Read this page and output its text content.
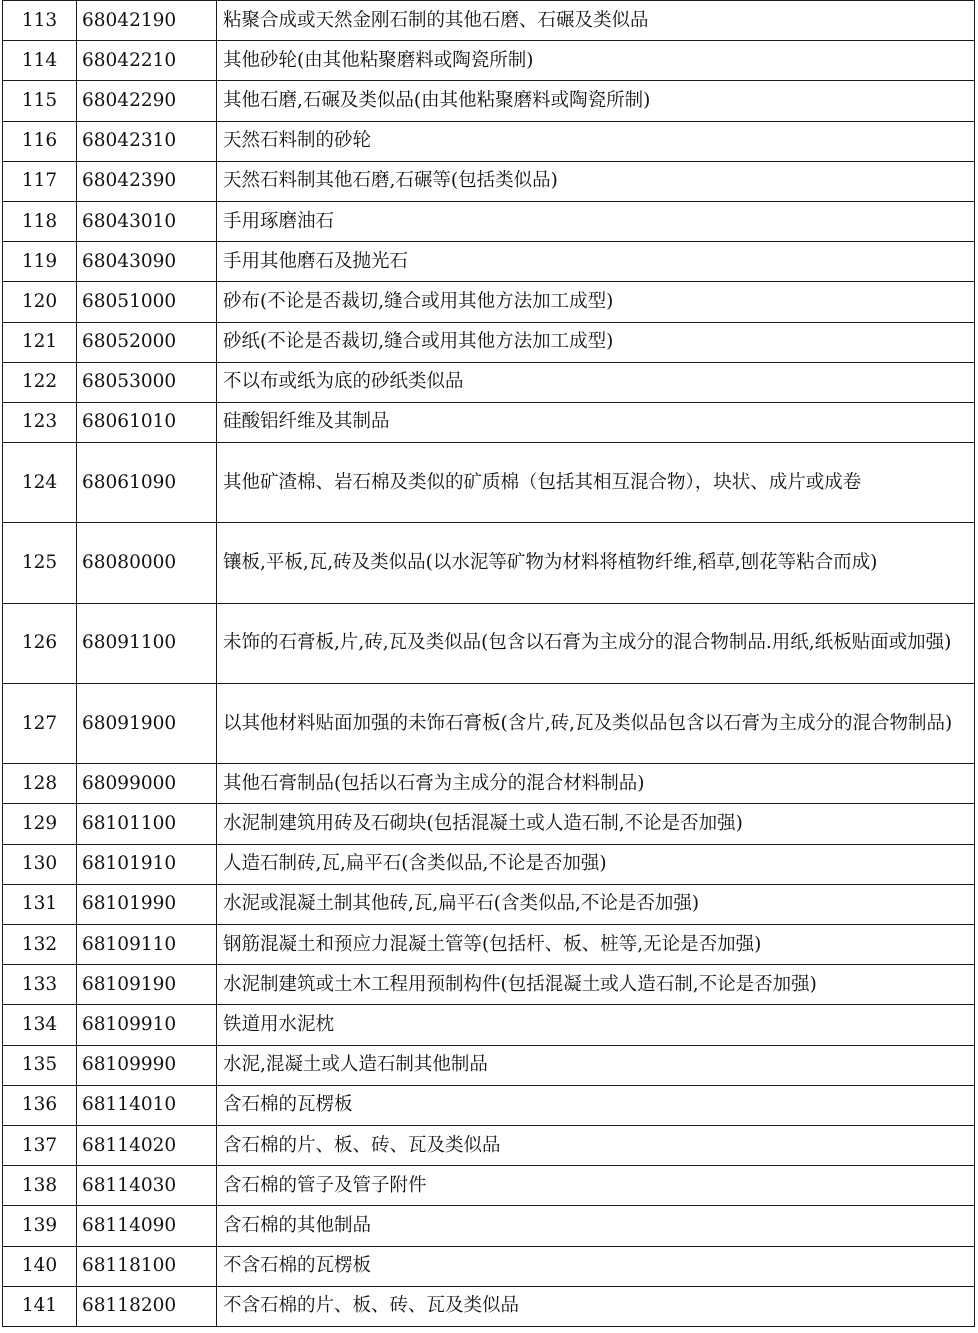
113	68042190	粘聚合成或天然金刚石制的其他石磨、石碾及类似品
114	68042210	其他砂轮(由其他粘聚磨料或陶瓷所制)
115	68042290	其他石磨,石碾及类似品(由其他粘聚磨料或陶瓷所制)
116	68042310	天然石料制的砂轮
117	68042390	天然石料制其他石磨,石碾等(包括类似品)
118	68043010	手用琢磨油石
119	68043090	手用其他磨石及抛光石
120	68051000	砂布(不论是否裁切,缝合或用其他方法加工成型)
121	68052000	砂纸(不论是否裁切,缝合或用其他方法加工成型)
122	68053000	不以布或纸为底的砂纸类似品
123	68061010	硅酸铝纤维及其制品
124	68061090	其他矿渣棉、岩石棉及类似的矿质棉（包括其相互混合物），块状、成片或成卷
125	68080000	镶板,平板,瓦,砖及类似品(以水泥等矿物为材料将植物纤维,稻草,刨花等粘合而成)
126	68091100	未饰的石膏板,片,砖,瓦及类似品(包含以石膏为主成分的混合物制品.用纸,纸板贴面或加强)
127	68091900	以其他材料贴面加强的未饰石膏板(含片,砖,瓦及类似品包含以石膏为主成分的混合物制品)
128	68099000	其他石膏制品(包括以石膏为主成分的混合材料制品)
129	68101100	水泥制建筑用砖及石砌块(包括混凝土或人造石制,不论是否加强)
130	68101910	人造石制砖,瓦,扁平石(含类似品,不论是否加强)
131	68101990	水泥或混凝土制其他砖,瓦,扁平石(含类似品,不论是否加强)
132	68109110	钢筋混凝土和预应力混凝土管等(包括杆、板、桩等,无论是否加强)
133	68109190	水泥制建筑或土木工程用预制构件(包括混凝土或人造石制,不论是否加强)
134	68109910	铁道用水泥枕
135	68109990	水泥,混凝土或人造石制其他制品
136	68114010	含石棉的瓦楞板
137	68114020	含石棉的片、板、砖、瓦及类似品
138	68114030	含石棉的管子及管子附件
139	68114090	含石棉的其他制品
140	68118100	不含石棉的瓦楞板
141	68118200	不含石棉的片、板、砖、瓦及类似品
